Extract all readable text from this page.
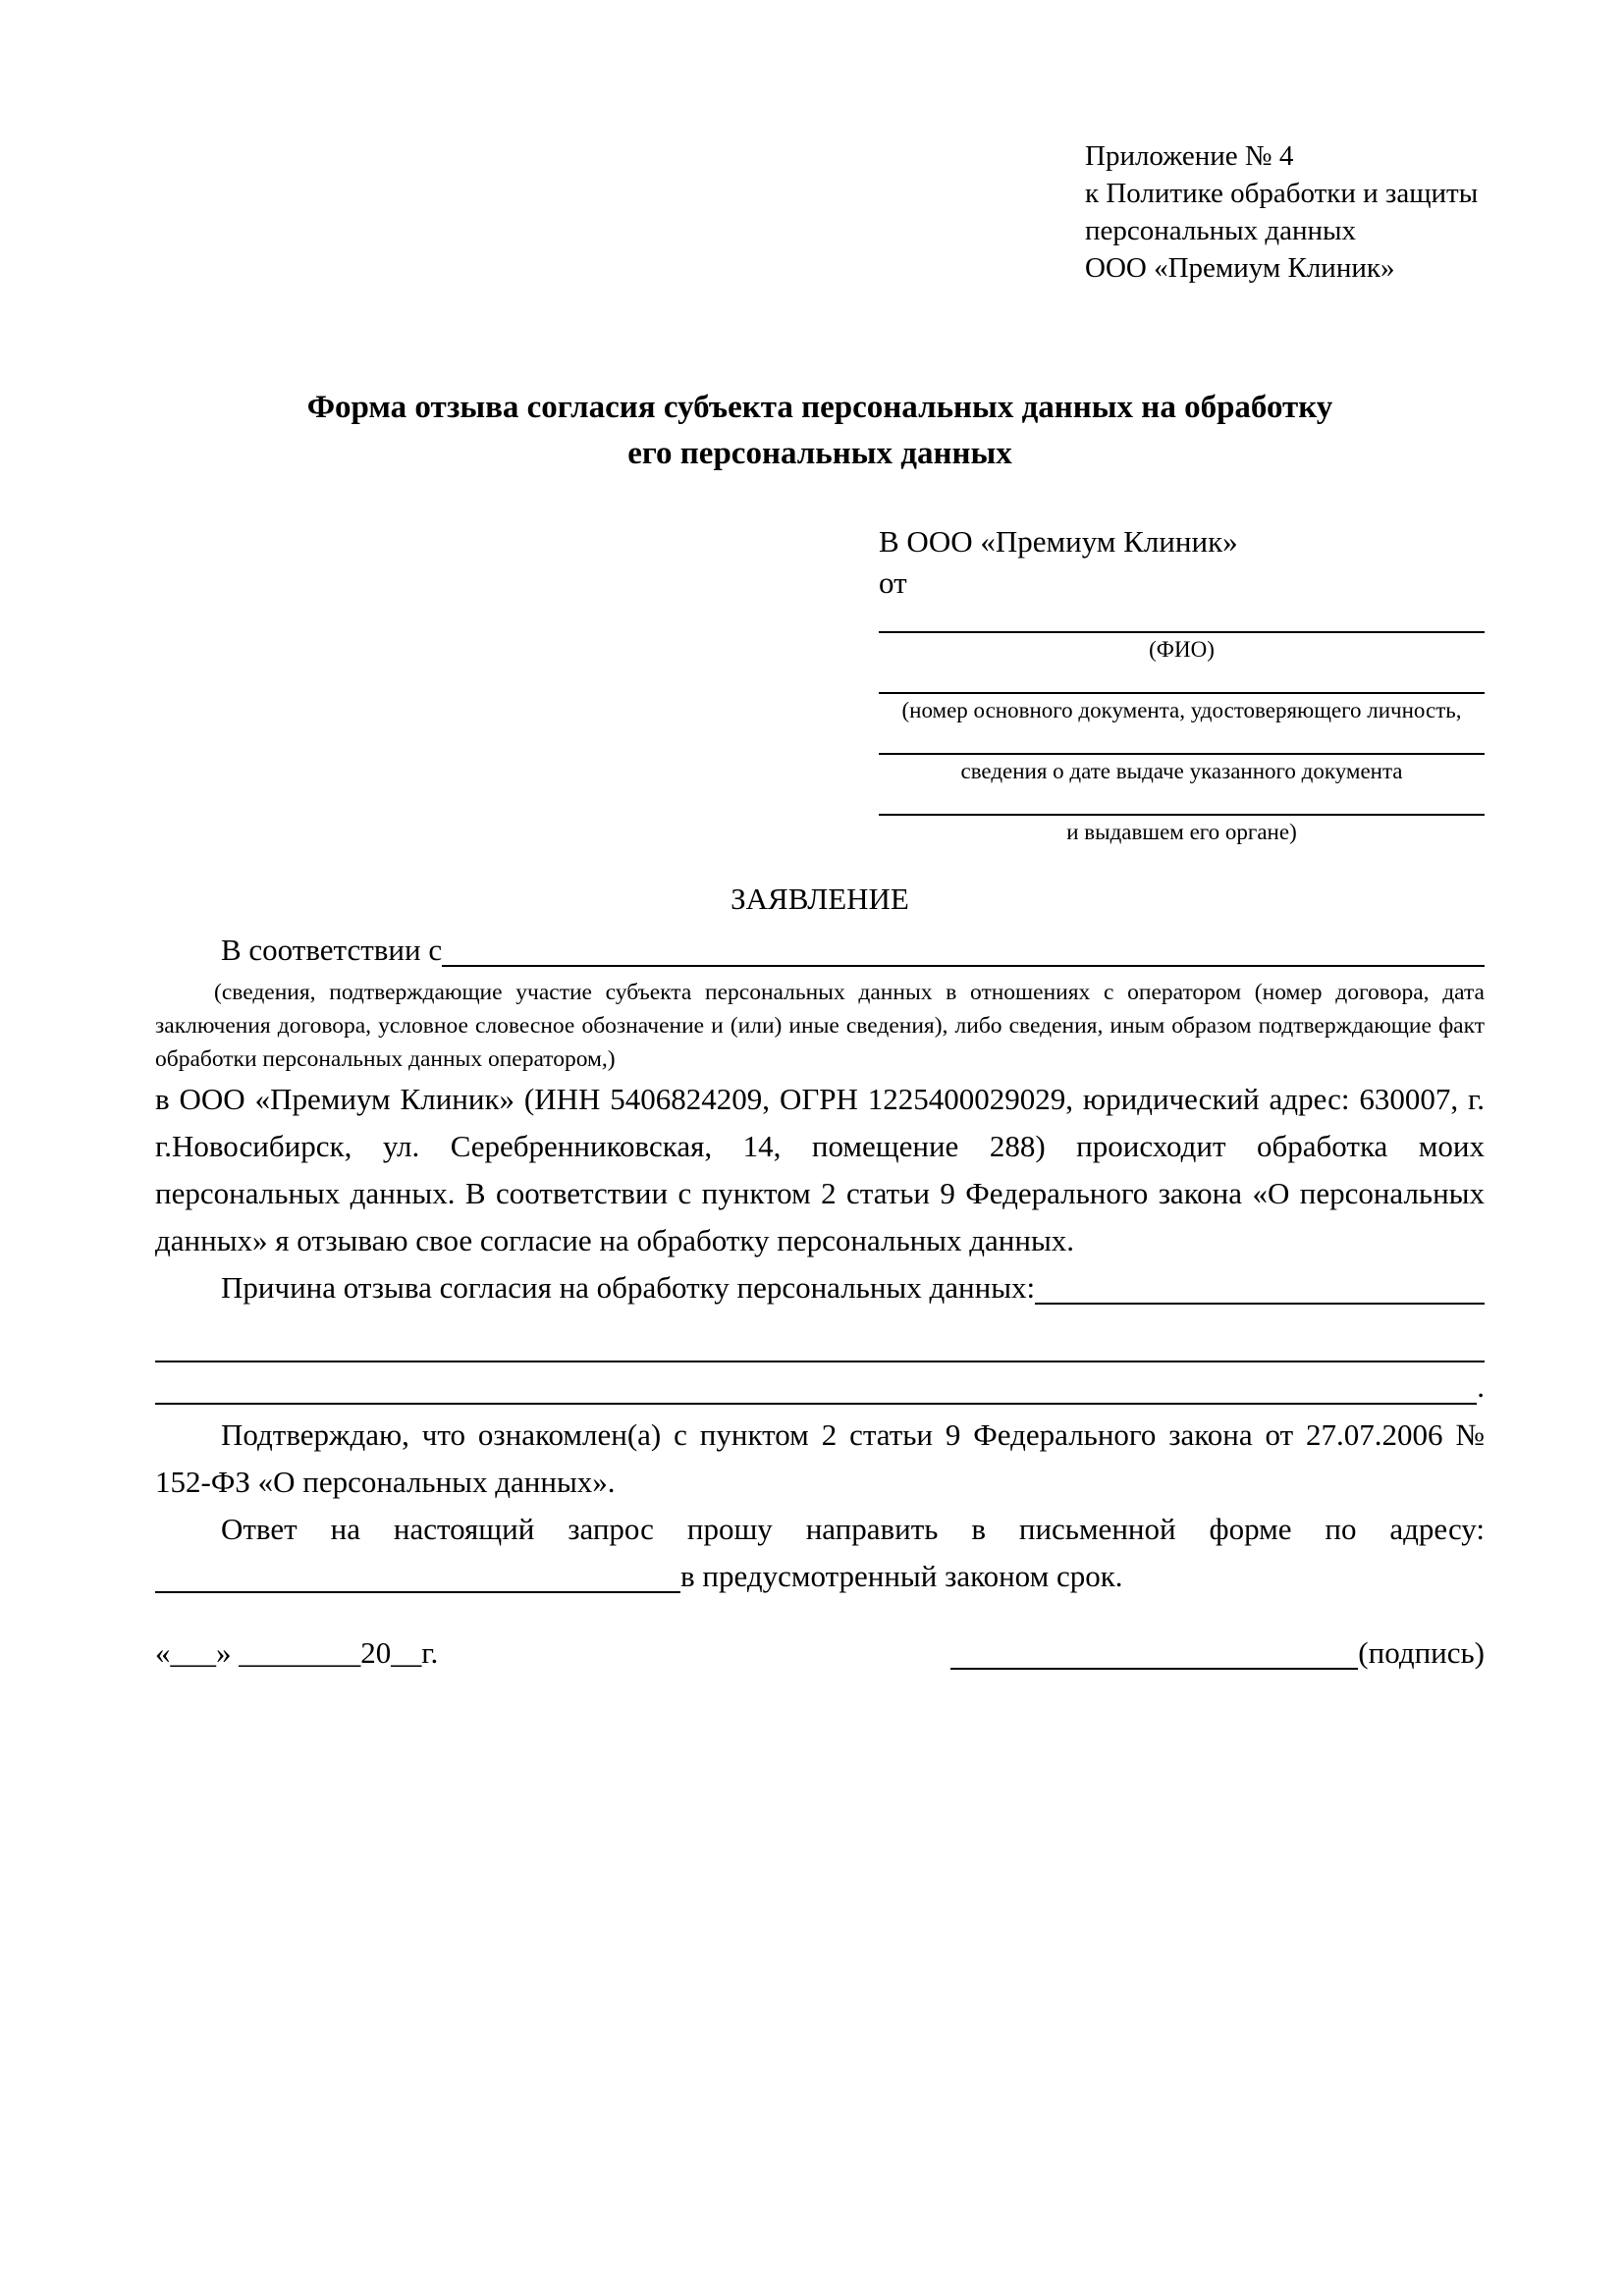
Приложение № 4
к Политике обработки и защиты
персональных данных
ООО «Премиум Клиник»
Форма отзыва согласия субъекта персональных данных на обработку
его персональных данных
В ООО «Премиум Клиник»
от
(ФИО)
(номер основного документа, удостоверяющего личность,
сведения о дате выдаче указанного документа
и выдавшем его органе)
ЗАЯВЛЕНИЕ
В соответствии с

(сведения, подтверждающие участие субъекта персональных данных в отношениях с оператором (номер договора, дата заключения договора, условное словесное обозначение и (или) иные сведения), либо сведения, иным образом подтверждающие факт обработки персональных данных оператором,)

в ООО «Премиум Клиник» (ИНН 5406824209, ОГРН 1225400029029, юридический адрес: 630007, г. г.Новосибирск, ул. Серебренниковская, 14, помещение 288) происходит обработка моих персональных данных. В соответствии с пунктом 2 статьи 9 Федерального закона «О персональных данных» я отзываю свое согласие на обработку персональных данных.

Причина отзыва согласия на обработку персональных данных:
.

Подтверждаю, что ознакомлен(а) с пунктом 2 статьи 9 Федерального закона от 27.07.2006 № 152-ФЗ «О персональных данных».

Ответ на настоящий запрос прошу направить в письменной форме по адресу:

в предусмотренный законом срок.
«___» ________20__г.	(подпись)
